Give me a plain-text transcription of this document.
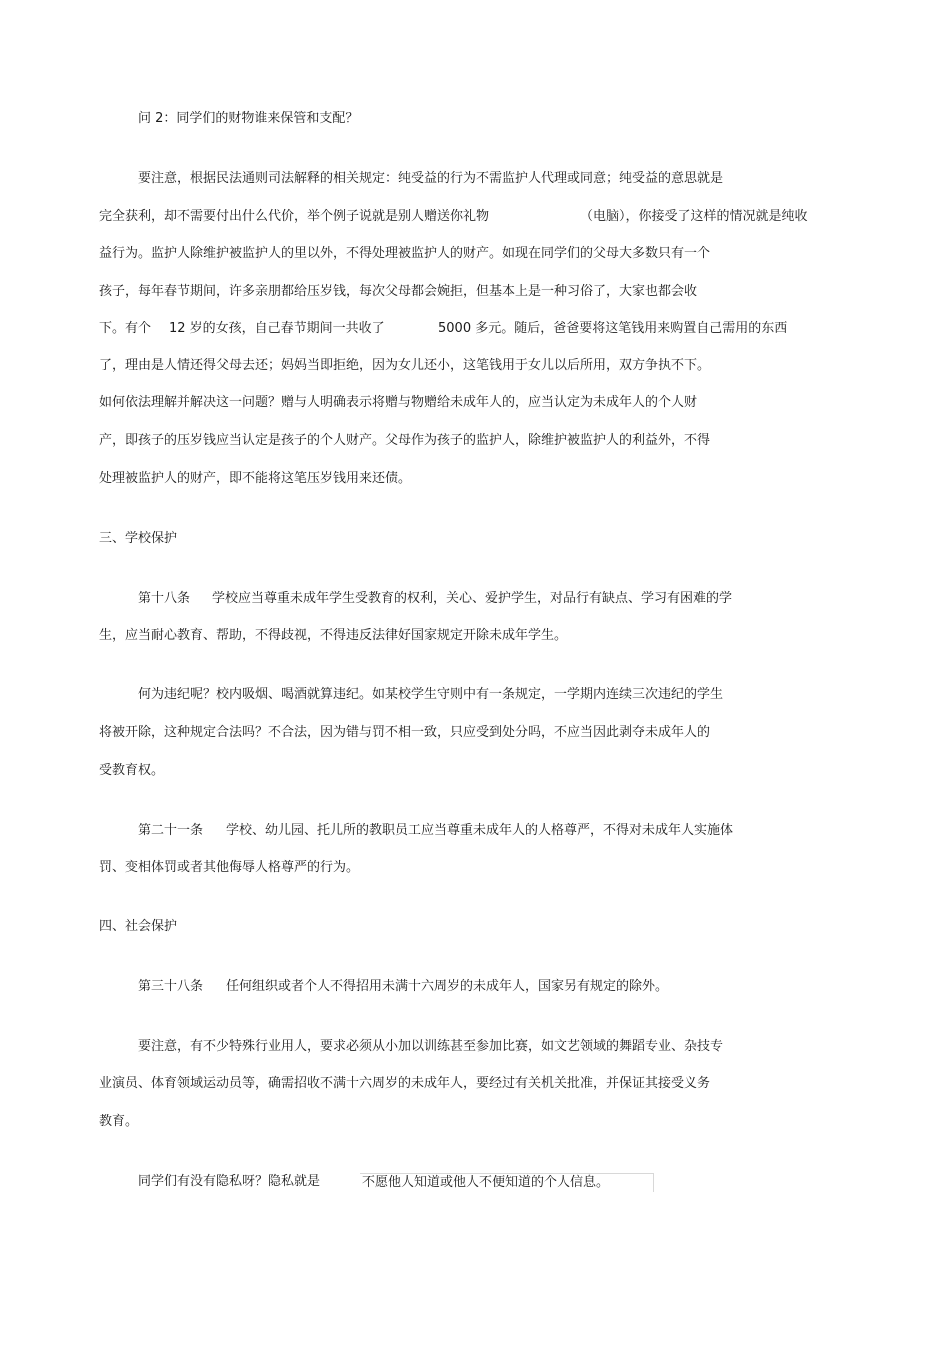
问 2：同学们的财物谁来保管和支配？
要注意，根据民法通则司法解释的相关规定：纯受益的行为不需监护人代理或同意；纯受益的意思就是
完全获利，却不需要付出什么代价，举个例子说就是别人赠送你礼物	（电脑），你接受了这样的情况就是纯收
益行为。监护人除维护被监护人的里以外，不得处理被监护人的财产。如现在同学们的父母大多数只有一个
孩子，每年春节期间，许多亲朋都给压岁钱，每次父母都会婉拒，但基本上是一种习俗了，大家也都会收
下。有个 12 岁的女孩，自己春节期间一共收了	5000 多元。随后，爸爸要将这笔钱用来购置自己需用的东西
了，理由是人情还得父母去还；妈妈当即拒绝，因为女儿还小，这笔钱用于女儿以后所用，双方争执不下。
如何依法理解并解决这一问题？赠与人明确表示将赠与物赠给未成年人的，应当认定为未成年人的个人财
产，即孩子的压岁钱应当认定是孩子的个人财产。父母作为孩子的监护人，除维护被监护人的利益外，不得
处理被监护人的财产，即不能将这笔压岁钱用来还债。
三、学校保护
第十八条 学校应当尊重未成年学生受教育的权利，关心、爱护学生，对品行有缺点、学习有困难的学
生，应当耐心教育、帮助，不得歧视，不得违反法律好国家规定开除未成年学生。
何为违纪呢？校内吸烟、喝酒就算违纪。如某校学生守则中有一条规定，一学期内连续三次违纪的学生
将被开除，这种规定合法吗？不合法，因为错与罚不相一致，只应受到处分吗，不应当因此剥夺未成年人的
受教育权。
第二十一条 学校、幼儿园、托儿所的教职员工应当尊重未成年人的人格尊严，不得对未成年人实施体
罚、变相体罚或者其他侮辱人格尊严的行为。
四、社会保护
第三十八条 任何组织或者个人不得招用未满十六周岁的未成年人，国家另有规定的除外。
要注意，有不少特殊行业用人，要求必须从小加以训练甚至参加比赛，如文艺领域的舞蹈专业、杂技专
业演员、体育领域运动员等，确需招收不满十六周岁的未成年人，要经过有关机关批准，并保证其接受义务
教育。
同学们有没有隐私呀？隐私就是	不愿他人知道或他人不便知道的个人信息。
